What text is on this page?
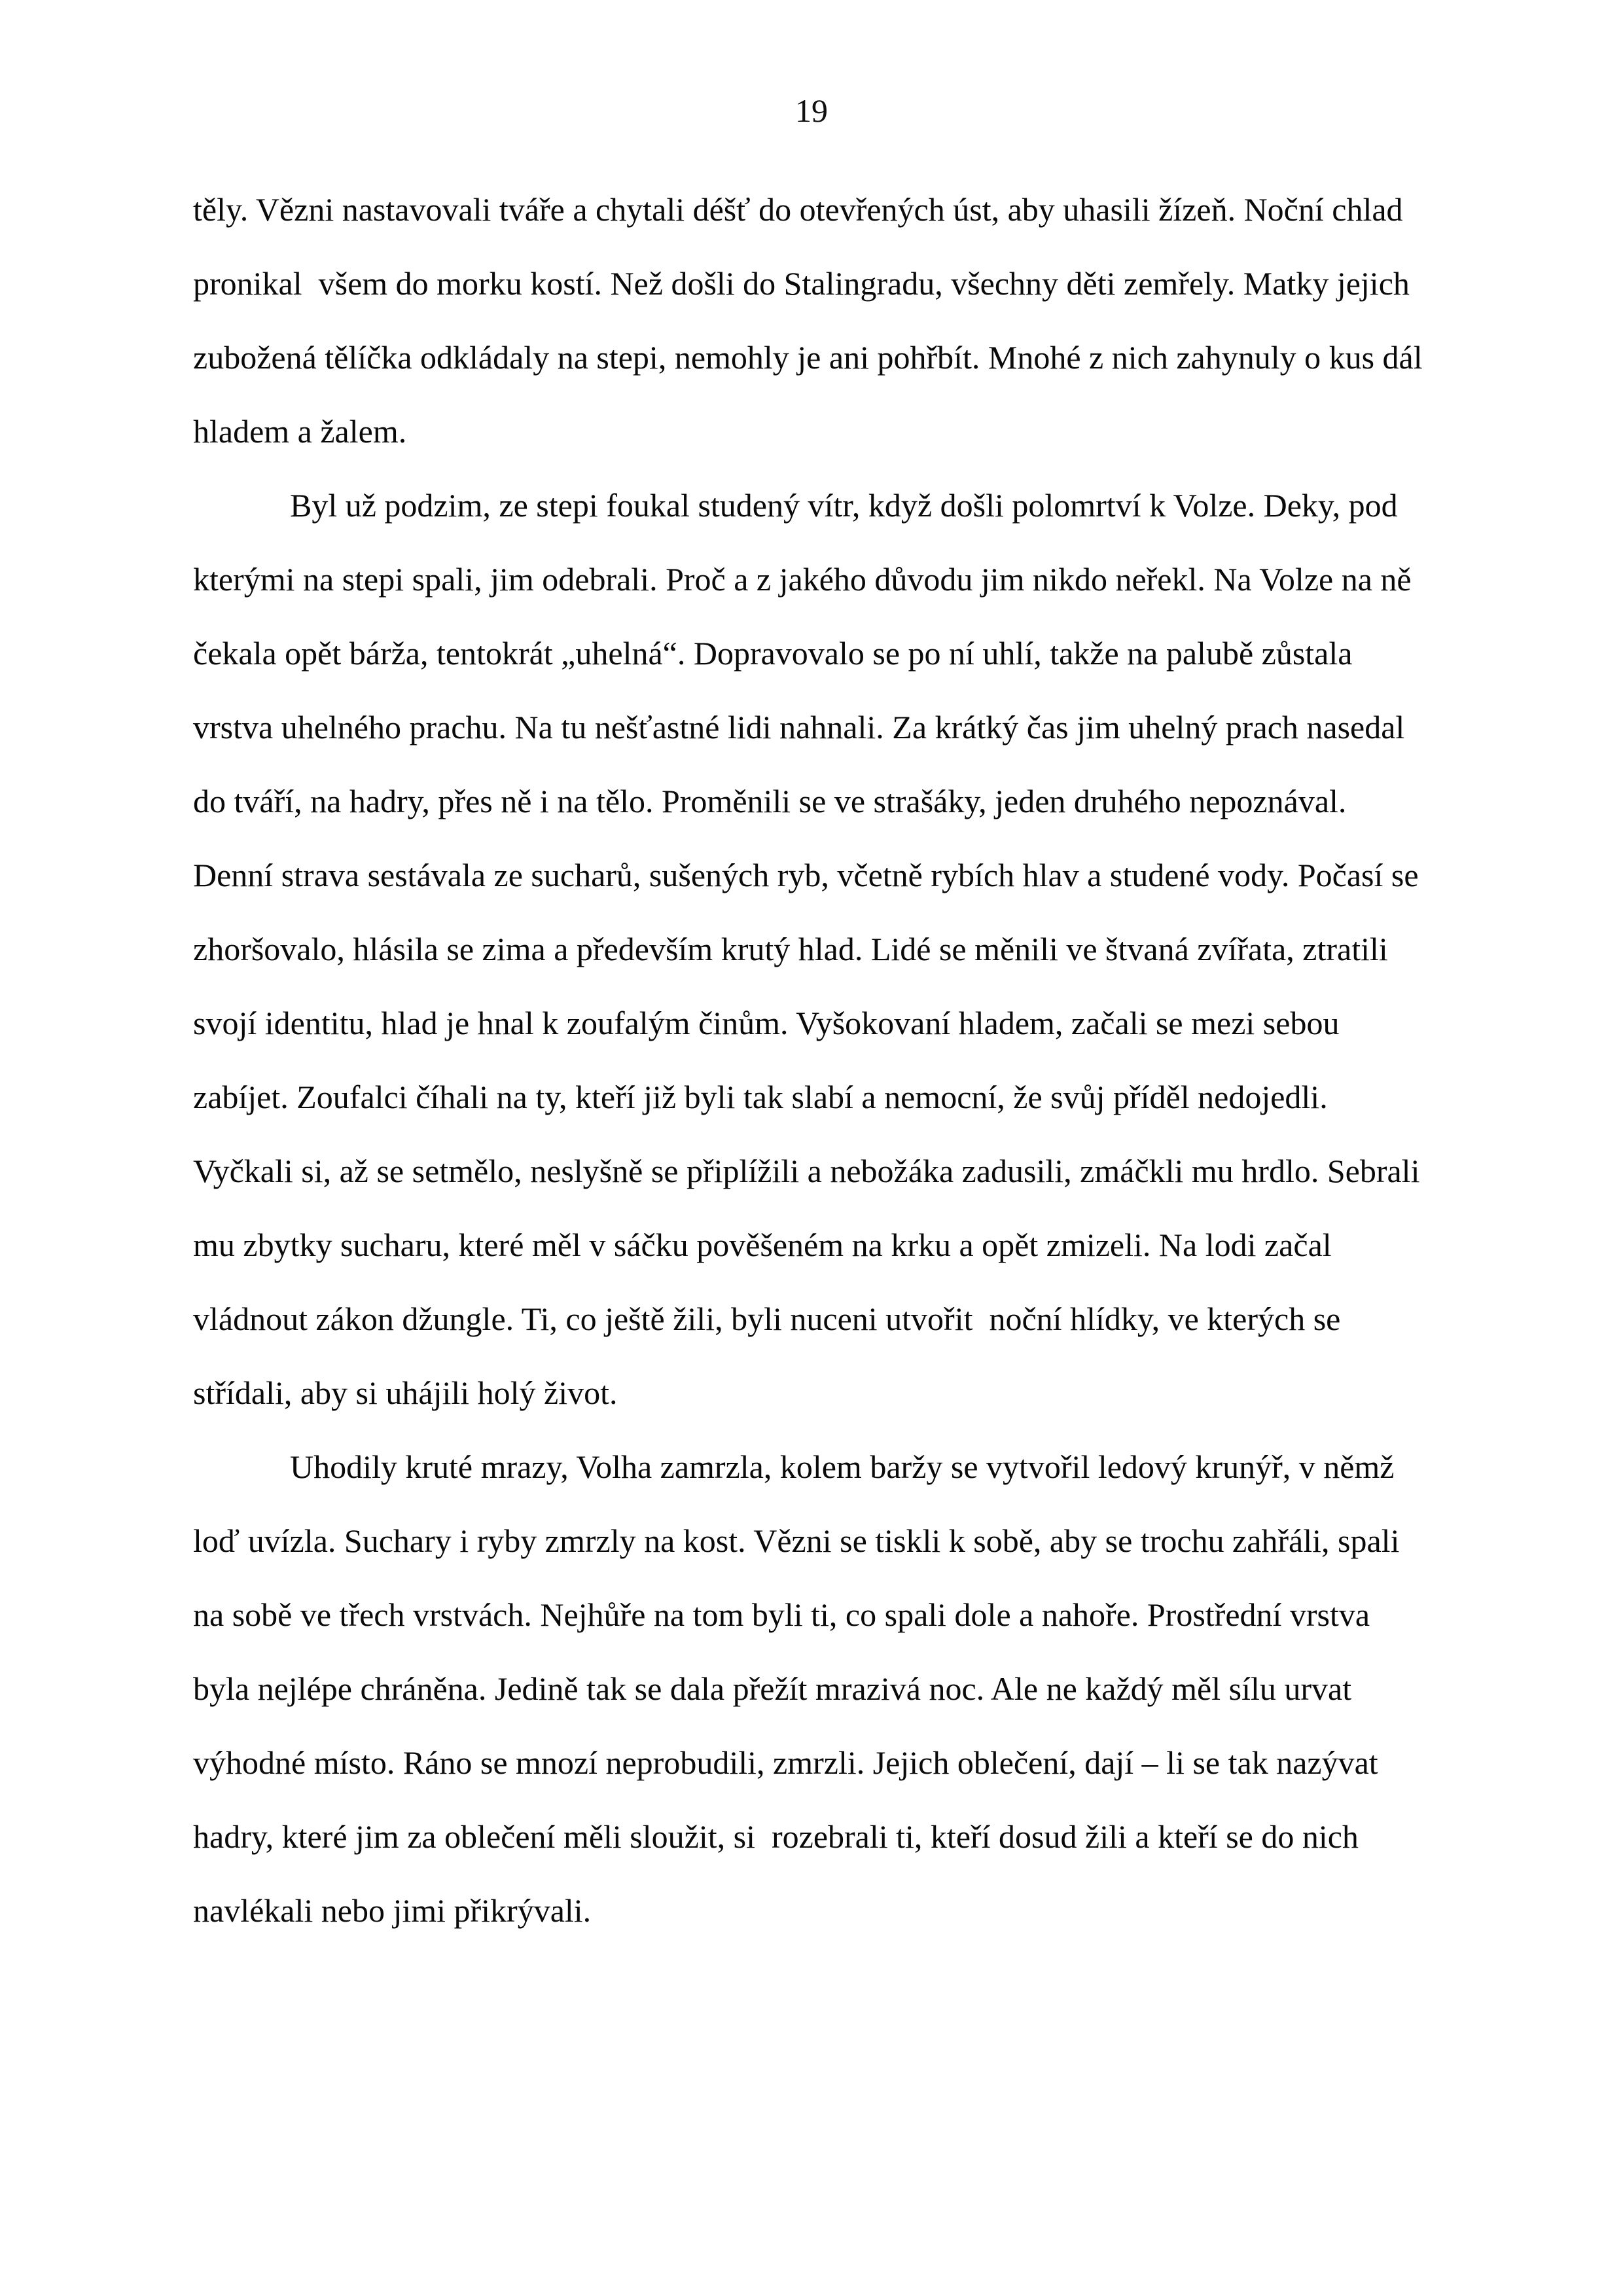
19
těly. Vězni nastavovali tváře a chytali déšť do otevřených úst, aby uhasili žízeň. Noční chlad
pronikal  všem do morku kostí. Než došli do Stalingradu, všechny děti zemřely. Matky jejich
zubožená tělíčka odkládaly na stepi, nemohly je ani pohřbít. Mnohé z nich zahynuly o kus dál
hladem a žalem.
Byl už podzim, ze stepi foukal studený vítr, když došli polomrtví k Volze. Deky, pod
kterými na stepi spali, jim odebrali. Proč a z jakého důvodu jim nikdo neřekl. Na Volze na ně
čekala opět bárža, tentokrát „uhelná“. Dopravovalo se po ní uhlí, takže na palubě zůstala
vrstva uhelného prachu. Na tu nešťastné lidi nahnali. Za krátký čas jim uhelný prach nasedal
do tváří, na hadry, přes ně i na tělo. Proměnili se ve strašáky, jeden druhého nepoznával.
Denní strava sestávala ze sucharů, sušených ryb, včetně rybích hlav a studené vody. Počasí se
zhoršovalo, hlásila se zima a především krutý hlad. Lidé se měnili ve štvaná zvířata, ztratili
svojí identitu, hlad je hnal k zoufalým činům. Vyšokovaní hladem, začali se mezi sebou
zabíjet. Zoufalci číhali na ty, kteří již byli tak slabí a nemocní, že svůj příděl nedojedli.
Vyčkali si, až se setmělo, neslyšně se připlížili a nebožáka zadusili, zmáčkli mu hrdlo. Sebrali
mu zbytky sucharu, které měl v sáčku pověšeném na krku a opět zmizeli. Na lodi začal
vládnout zákon džungle. Ti, co ještě žili, byli nuceni utvořit  noční hlídky, ve kterých se
střídali, aby si uhájili holý život.
Uhodily kruté mrazy, Volha zamrzla, kolem baržy se vytvořil ledový krunýř, v němž
loď uvízla. Suchary i ryby zmrzly na kost. Vězni se tiskli k sobě, aby se trochu zahřáli, spali
na sobě ve třech vrstvách. Nejhůře na tom byli ti, co spali dole a nahoře. Prostřední vrstva
byla nejlépe chráněna. Jedině tak se dala přežít mrazivá noc. Ale ne každý měl sílu urvat
výhodné místo. Ráno se mnozí neprobudili, zmrzli. Jejich oblečení, dají – li se tak nazývat
hadry, které jim za oblečení měli sloužit, si  rozebrali ti, kteří dosud žili a kteří se do nich
navlékali nebo jimi přikrývali.
